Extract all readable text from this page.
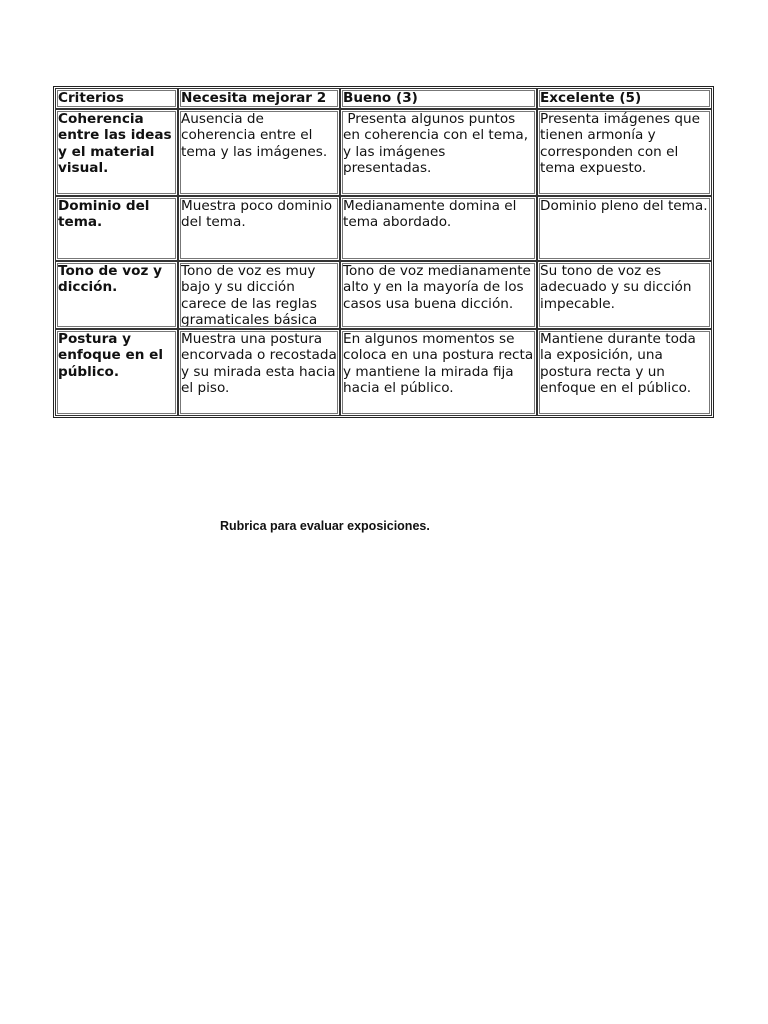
Criterios	Necesita mejorar 2	Bueno (3)	Excelente (5)
Coherencia entre las ideas y el material visual.	Ausencia de coherencia entre el tema y las imágenes.	Presenta algunos puntos en coherencia con el tema, y las imágenes presentadas.	Presenta imágenes que tienen armonía y corresponden con el tema expuesto.
Dominio del tema.	Muestra poco dominio del tema.	Medianamente domina el tema abordado.	Dominio pleno del tema.
Tono de voz y dicción.	Tono de voz es muy bajo y su dicción carece de las reglas gramaticales básica	Tono de voz medianamente alto y en la mayoría de los casos usa buena dicción.	Su tono de voz es adecuado y su dicción impecable.
Postura y enfoque en el público.	Muestra una postura encorvada o recostada y su mirada esta hacia el piso.	En algunos momentos se coloca en una postura recta y mantiene la mirada fija hacia el público.	Mantiene durante toda la exposición, una postura recta y un enfoque en el público.
Rubrica para evaluar exposiciones.
